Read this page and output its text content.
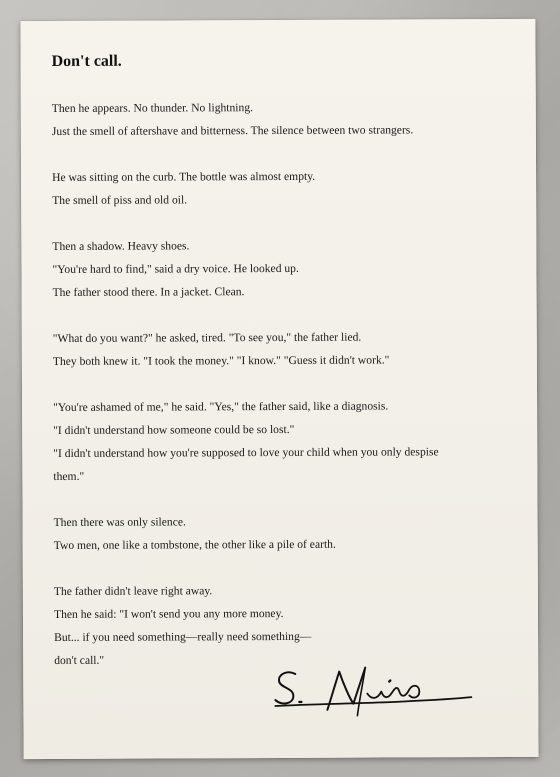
Don't call.
Then he appears. No thunder. No lightning.
Just the smell of aftershave and bitterness. The silence between two strangers.
He was sitting on the curb. The bottle was almost empty.
The smell of piss and old oil.
Then a shadow. Heavy shoes.
"You're hard to find," said a dry voice. He looked up.
The father stood there. In a jacket. Clean.
"What do you want?" he asked, tired. "To see you," the father lied.
They both knew it. "I took the money." "I know." "Guess it didn't work."
"You're ashamed of me," he said. "Yes," the father said, like a diagnosis.
"I didn't understand how someone could be so lost."
"I didn't understand how you're supposed to love your child when you only despise
them."
Then there was only silence.
Two men, one like a tombstone, the other like a pile of earth.
The father didn't leave right away.
Then he said: "I won't send you any more money.
But... if you need something—really need something—
don't call."
